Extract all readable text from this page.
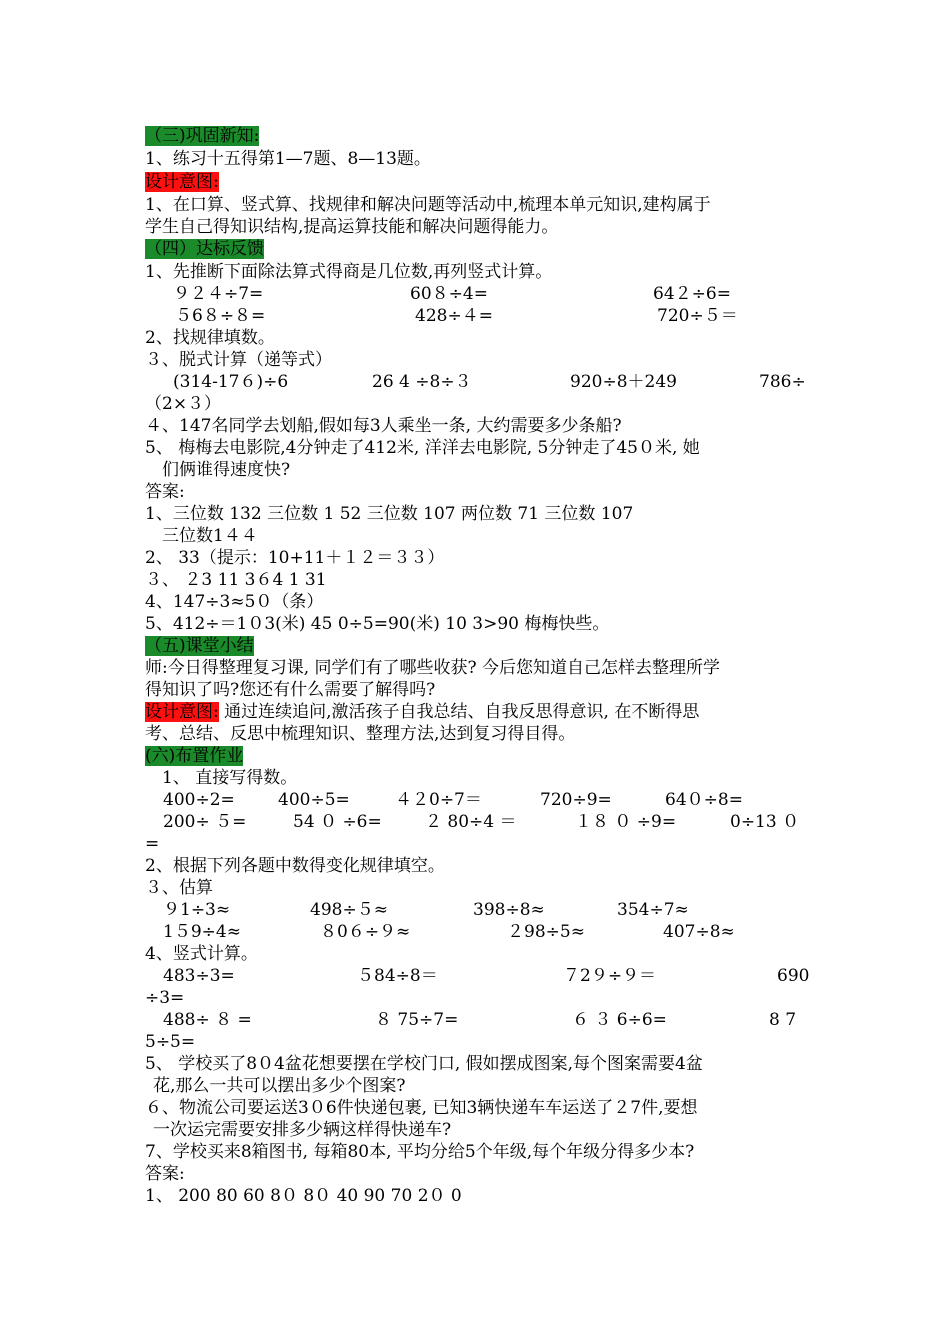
（三)巩固新知:
1、练习十五得第1—7题、8—13题。
设计意图:
1、在口算、竖式算、找规律和解决问题等活动中,梳理本单元知识,建构属于
学生自己得知识结构,提高运算技能和解决问题得能力。
（四）达标反馈
1、先推断下面除法算式得商是几位数,再列竖式计算。
９２４÷7=	60８÷4=	64２÷6=
５6８÷８=	428÷４=	720÷５＝
2、找规律填数。
３、脱式计算（递等式）
(314-17６)÷6	26 4 ÷8÷３	920÷8＋249	786÷
（2×３）
４、147名同学去划船,假如每3人乘坐一条, 大约需要多少条船?
5、 梅梅去电影院,4分钟走了412米, 洋洋去电影院, 5分钟走了45０米, 她
们俩谁得速度快?
答案:
1、三位数 132 三位数 1 52 三位数 107 两位数 71 三位数 107
三位数1４４
2、 33（提示：10+11＋１２＝３３）
３、 ２3 11 3６4 1 31
4、147÷3≈5０（条）
5、412÷＝1０3(米) 45 0÷5=90(米) 10 3>90 梅梅快些。
（五)课堂小结
师:今日得整理复习课, 同学们有了哪些收获? 今后您知道自己怎样去整理所学
得知识了吗?您还有什么需要了解得吗?
设计意图: 通过连续追问,激活孩子自我总结、自我反思得意识, 在不断得思
考、总结、反思中梳理知识、整理方法,达到复习得目得。
(六)布置作业
1、 直接写得数。
400÷2=	400÷5=	４２0÷7＝	720÷9=	64０÷8=
200÷ ５=	54 ０ ÷6=	２ 80÷4 ＝	１８ ０ ÷9=	0÷13 ０
=
2、根据下列各题中数得变化规律填空。
３、估算
９1÷3≈	498÷５≈	398÷8≈	354÷7≈
1５9÷4≈	８0６÷９≈	２98÷5≈	407÷8≈
4、竖式计算。
483÷3=	５84÷8＝	７2９÷９＝	690
÷3=
488÷ ８ =	８ 75÷7=	６ ３ 6÷6=	8 7
5÷5=
5、 学校买了8０4盆花想要摆在学校门口, 假如摆成图案,每个图案需要4盆
花,那么一共可以摆出多少个图案?
６、物流公司要运送3０6件快递包裹, 已知3辆快递车车运送了２7件,要想
一次运完需要安排多少辆这样得快递车?
7、学校买来8箱图书, 每箱80本, 平均分给5个年级,每个年级分得多少本?
答案:
1、 200 80 60 8０ 8０ 40 90 70 2０ 0
